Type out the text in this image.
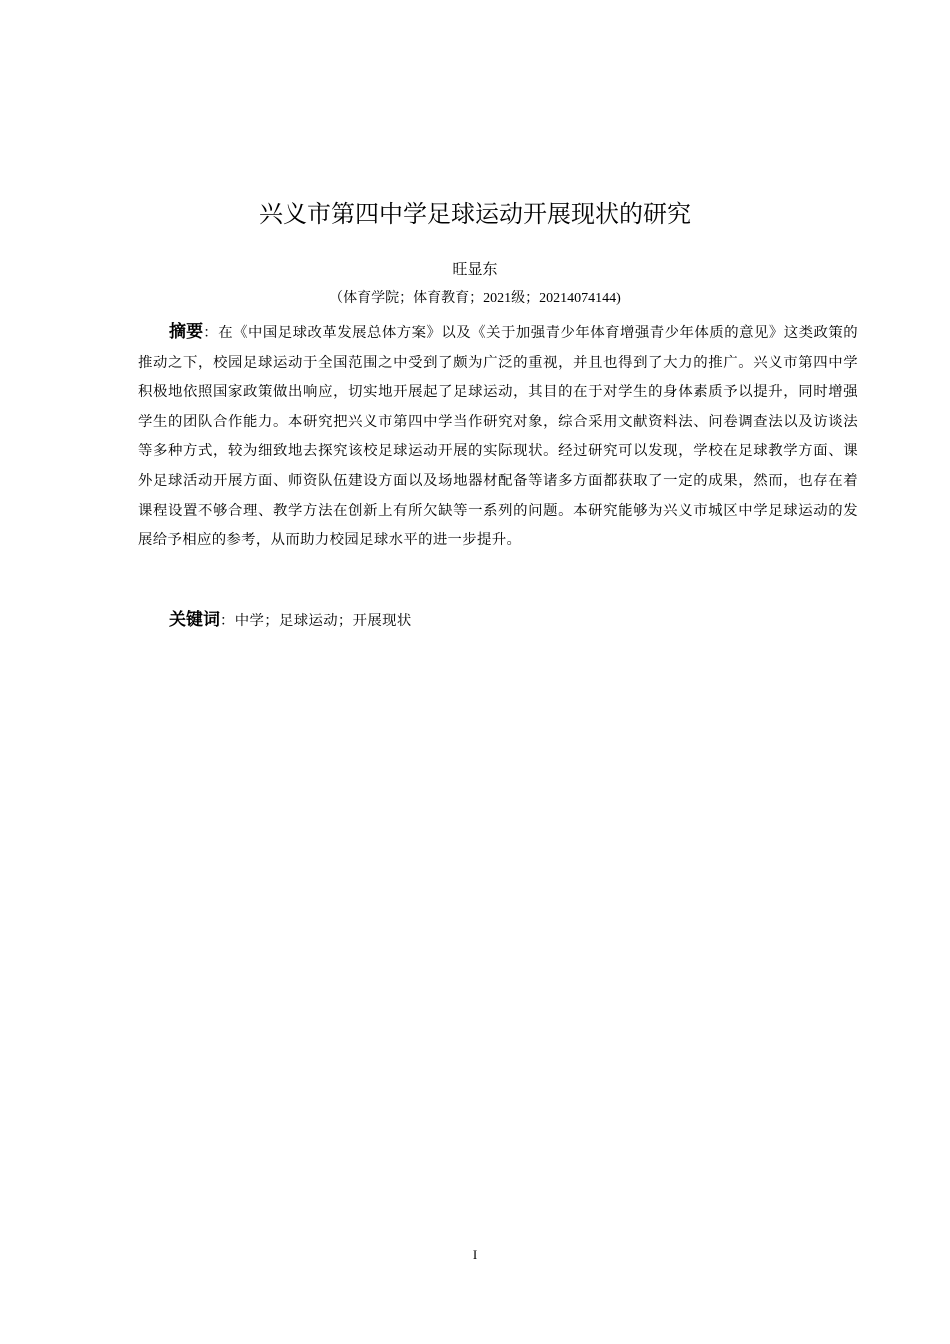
兴义市第四中学足球运动开展现状的研究
旺显东
（体育学院；体育教育；2021级；20214074144)

摘要：在《中国足球改革发展总体方案》以及《关于加强青少年体育增强青少年体质的意见》这类政策的推动之下，校园足球运动于全国范围之中受到了颇为广泛的重视，并且也得到了大力的推广。兴义市第四中学积极地依照国家政策做出响应，切实地开展起了足球运动，其目的在于对学生的身体素质予以提升，同时增强学生的团队合作能力。本研究把兴义市第四中学当作研究对象，综合采用文献资料法、问卷调查法以及访谈法等多种方式，较为细致地去探究该校足球运动开展的实际现状。经过研究可以发现，学校在足球教学方面、课外足球活动开展方面、师资队伍建设方面以及场地器材配备等诸多方面都获取了一定的成果，然而，也存在着课程设置不够合理、教学方法在创新上有所欠缺等一系列的问题。本研究能够为兴义市城区中学足球运动的发展给予相应的参考，从而助力校园足球水平的进一步提升。

关键词：中学；足球运动；开展现状

I
